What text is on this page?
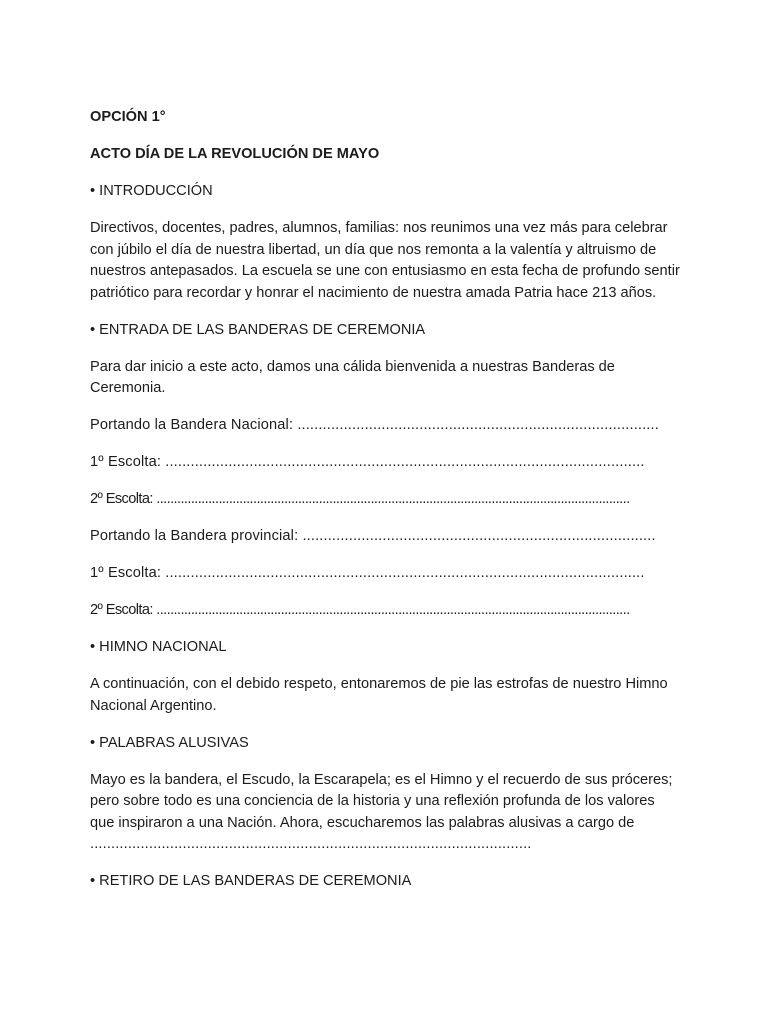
OPCIÓN 1°

ACTO DÍA DE LA REVOLUCIÓN DE MAYO

• INTRODUCCIÓN

Directivos, docentes, padres, alumnos, familias: nos reunimos una vez más para celebrar con júbilo el día de nuestra libertad, un día que nos remonta a la valentía y altruismo de nuestros antepasados. La escuela se une con entusiasmo en esta fecha de profundo sentir patriótico para recordar y honrar el nacimiento de nuestra amada Patria hace 213 años.

• ENTRADA DE LAS BANDERAS DE CEREMONIA

Para dar inicio a este acto, damos una cálida bienvenida a nuestras Banderas de Ceremonia.

Portando la Bandera Nacional: ......................................................................................

1º Escolta: ..................................................................................................................

2º Escolta: .........................................................................................................................................

Portando la Bandera provincial: ....................................................................................

1º Escolta: ..................................................................................................................

2º Escolta: .........................................................................................................................................

• HIMNO NACIONAL

A continuación, con el debido respeto, entonaremos de pie las estrofas de nuestro Himno Nacional Argentino.

• PALABRAS ALUSIVAS

Mayo es la bandera, el Escudo, la Escarapela; es el Himno y el recuerdo de sus próceres; pero sobre todo es una conciencia de la historia y una reflexión profunda de los valores que inspiraron a una Nación. Ahora, escucharemos las palabras alusivas a cargo de
.........................................................................................................

• RETIRO DE LAS BANDERAS DE CEREMONIA
